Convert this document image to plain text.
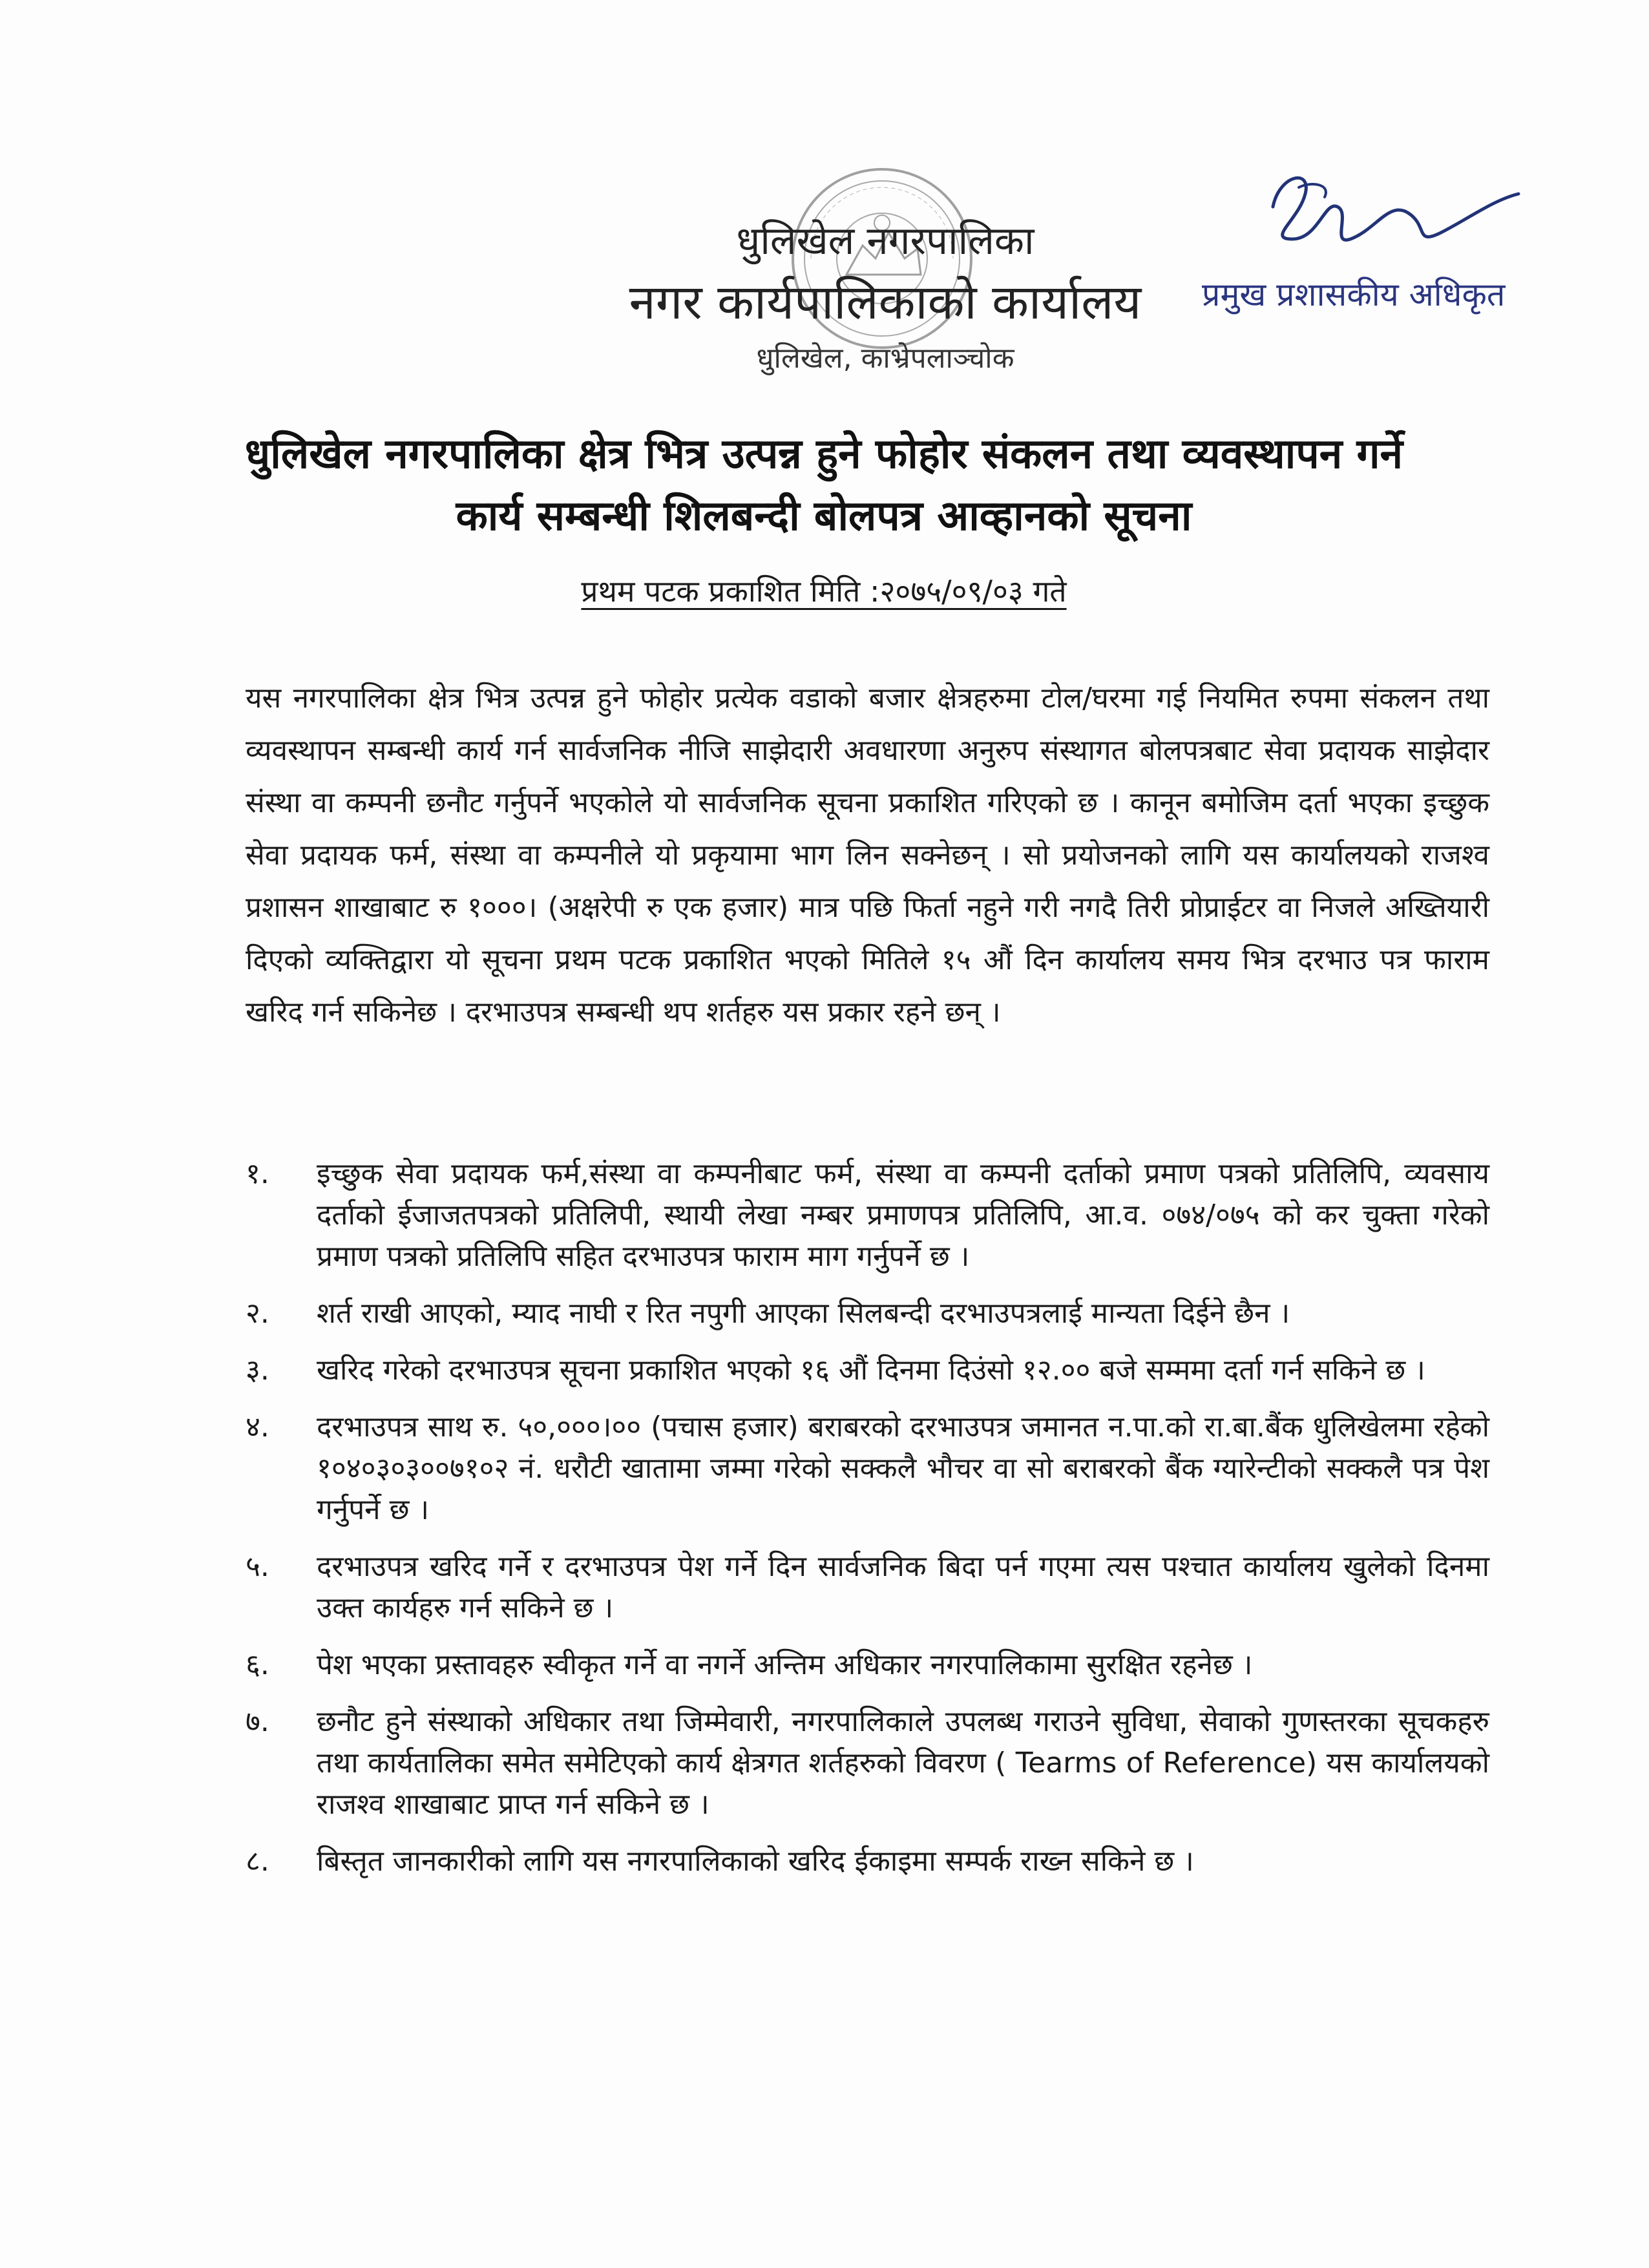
धुलिखेल नगरपालिका
नगर कार्यपालिकाको कार्यालय
धुलिखेल, काभ्रेपलाञ्चोक
प्रमुख प्रशासकीय अधिकृत
धुलिखेल नगरपालिका क्षेत्र भित्र उत्पन्न हुने फोहोर संकलन तथा व्यवस्थापन गर्ने
कार्य सम्बन्धी शिलबन्दी बोलपत्र आव्हानको सूचना
प्रथम पटक प्रकाशित मिति :२०७५/०९/०३ गते

यस नगरपालिका क्षेत्र भित्र उत्पन्न हुने फोहोर प्रत्येक वडाको बजार क्षेत्रहरुमा टोल/घरमा गई नियमित रुपमा संकलन तथा व्यवस्थापन सम्बन्धी कार्य गर्न सार्वजनिक नीजि साझेदारी अवधारणा अनुरुप संस्थागत बोलपत्रबाट सेवा प्रदायक साझेदार संस्था वा कम्पनी छनौट गर्नुपर्ने भएकोले यो सार्वजनिक सूचना प्रकाशित गरिएको छ । कानून बमोजिम दर्ता भएका इच्छुक सेवा प्रदायक फर्म, संस्था वा कम्पनीले यो प्रकृयामा भाग लिन सक्नेछन् । सो प्रयोजनको लागि यस कार्यालयको राजश्व प्रशासन शाखाबाट रु १०००। (अक्षरेपी रु एक हजार) मात्र पछि फिर्ता नहुने गरी नगदै तिरी प्रोप्राईटर वा निजले अख्तियारी दिएको व्यक्तिद्वारा यो सूचना प्रथम पटक प्रकाशित भएको मितिले १५ औं दिन कार्यालय समय भित्र दरभाउ पत्र फाराम खरिद गर्न सकिनेछ । दरभाउपत्र सम्बन्धी थप शर्तहरु यस प्रकार रहने छन् ।

१.	इच्छुक सेवा प्रदायक फर्म,संस्था वा कम्पनीबाट फर्म, संस्था वा कम्पनी दर्ताको प्रमाण पत्रको प्रतिलिपि, व्यवसाय दर्ताको ईजाजतपत्रको प्रतिलिपी, स्थायी लेखा नम्बर प्रमाणपत्र प्रतिलिपि, आ.व. ०७४/०७५ को कर चुक्ता गरेको प्रमाण पत्रको प्रतिलिपि सहित दरभाउपत्र फाराम माग गर्नुपर्ने छ ।
२.	शर्त राखी आएको, म्याद नाघी र रित नपुगी आएका सिलबन्दी दरभाउपत्रलाई मान्यता दिईने छैन ।
३.	खरिद गरेको दरभाउपत्र सूचना प्रकाशित भएको १६ औं दिनमा दिउंसो १२.०० बजे सम्ममा दर्ता गर्न सकिने छ ।
४.	दरभाउपत्र साथ रु. ५०,०००।०० (पचास हजार) बराबरको दरभाउपत्र जमानत न.पा.को रा.बा.बैंक धुलिखेलमा रहेको १०४०३०३००७१०२ नं. धरौटी खातामा जम्मा गरेको सक्कलै भौचर वा सो बराबरको बैंक ग्यारेन्टीको सक्कलै पत्र पेश गर्नुपर्ने छ ।
५.	दरभाउपत्र खरिद गर्ने र दरभाउपत्र पेश गर्ने दिन सार्वजनिक बिदा पर्न गएमा त्यस पश्चात कार्यालय खुलेको दिनमा उक्त कार्यहरु गर्न सकिने छ ।
६.	पेश भएका प्रस्तावहरु स्वीकृत गर्ने वा नगर्ने अन्तिम अधिकार नगरपालिकामा सुरक्षित रहनेछ ।
७.	छनौट हुने संस्थाको अधिकार तथा जिम्मेवारी, नगरपालिकाले उपलब्ध गराउने सुविधा, सेवाको गुणस्तरका सूचकहरु तथा कार्यतालिका समेत समेटिएको कार्य क्षेत्रगत शर्तहरुको विवरण ( Tearms of Reference) यस कार्यालयको राजश्व शाखाबाट प्राप्त गर्न सकिने छ ।
८.	बिस्तृत जानकारीको लागि यस नगरपालिकाको खरिद ईकाइमा सम्पर्क राख्न सकिने छ ।
